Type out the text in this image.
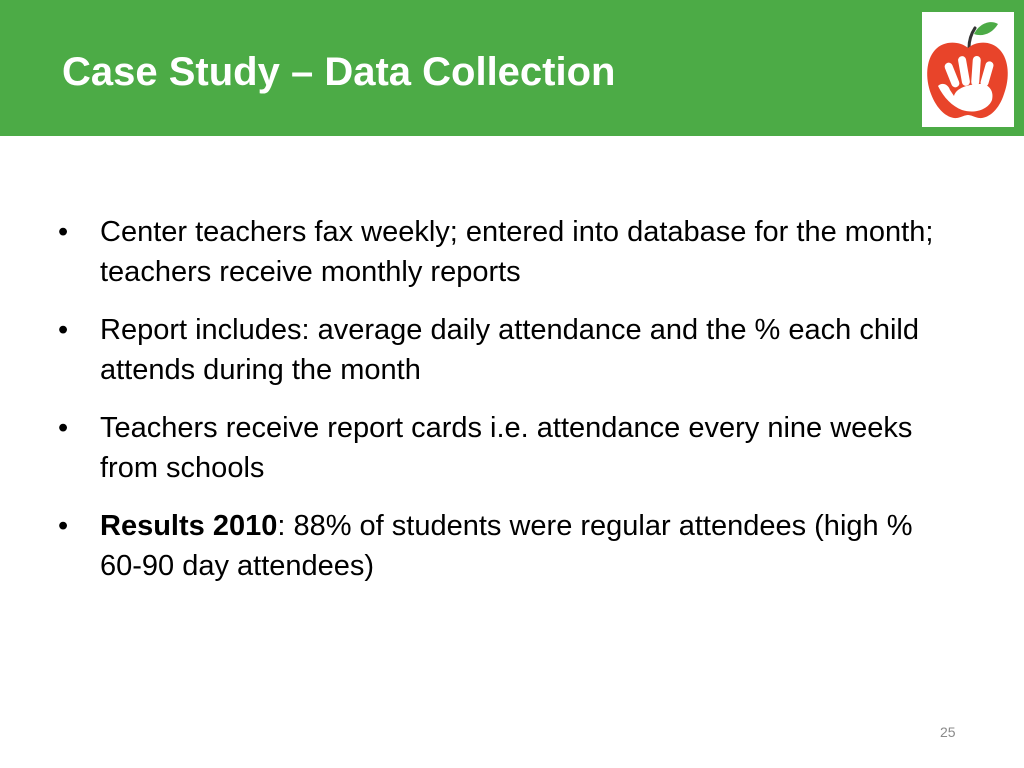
Case Study – Data Collection
• Center teachers fax weekly; entered into database for the month; teachers receive monthly reports
• Report includes: average daily attendance and the % each child attends during the month
• Teachers receive report cards i.e. attendance every nine weeks from schools
• Results 2010: 88% of students were regular attendees (high % 60-90 day attendees)
25
